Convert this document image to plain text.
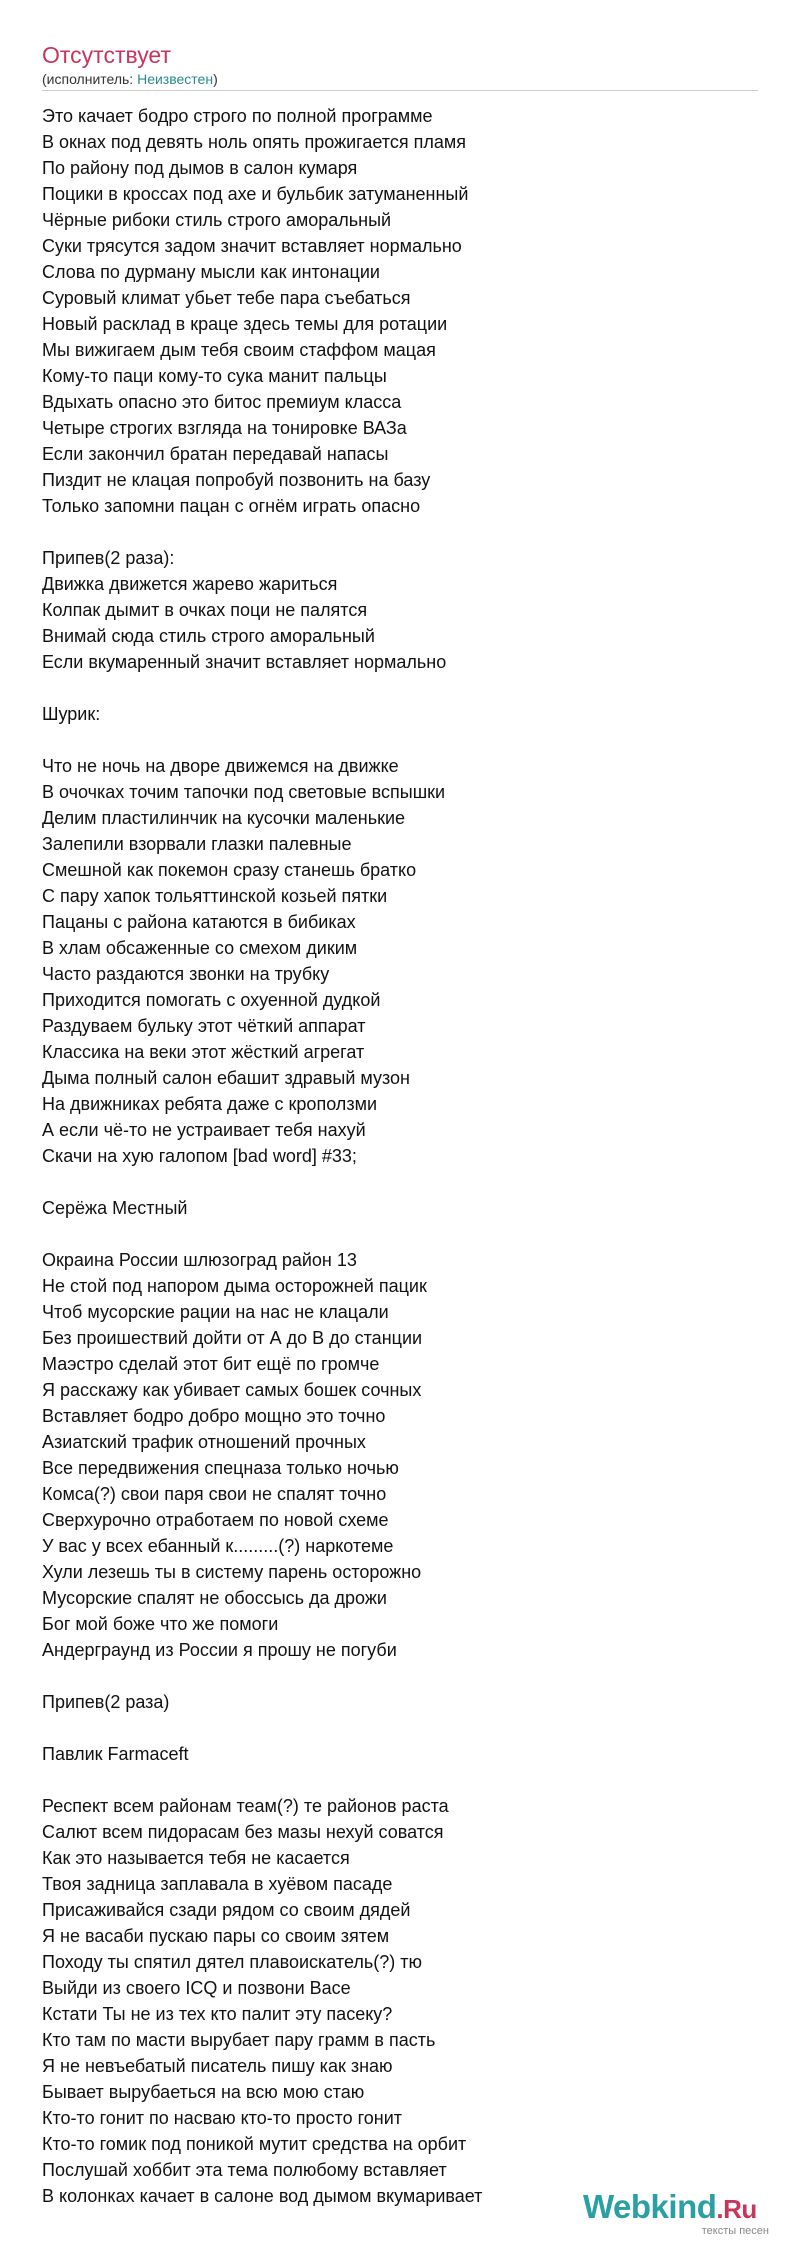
Отсутствует
(исполнитель: Неизвестен)
Это качает бодро строго по полной программе
В окнах под девять ноль опять прожигается пламя
По району под дымов в салон кумаря
Поцики в кроссах под ахе и бульбик затуманенный
Чёрные рибоки стиль строго аморальный
Суки трясутся задом значит вставляет нормально
Слова по дурману мысли как интонации
Суровый климат убьет тебе пара съебаться
Новый расклад в краце здесь темы для ротации
Мы вижигаем дым тебя своим стаффом мацая
Кому-то паци кому-то сука манит пальцы
Вдыхать опасно это битос премиум класса
Четыре строгих взгляда на тонировке ВАЗа
Если закончил братан передавай напасы
Пиздит не клацая попробуй позвонить на базу
Только запомни пацан с огнём играть опасно
Припев(2 раза):
Движка движется жарево жариться
Колпак дымит в очках поци не палятся
Внимай сюда стиль строго аморальный
Если вкумаренный значит вставляет нормально
Шурик:
Что не ночь на дворе движемся на движке
В очочках точим тапочки под световые вспышки
Делим пластилинчик на кусочки маленькие
Залепили взорвали глазки палевные
Смешной как покемон сразу станешь братко
С пару хапок тольяттинской козьей пятки
Пацаны с района катаются в бибиках
В хлам обсаженные со смехом диким
Часто раздаются звонки на трубку
Приходится помогать с охуенной дудкой
Раздуваем бульку этот чёткий аппарат
Классика на веки этот жёсткий агрегат
Дыма полный салон ебашит здравый музон
На движниках ребята даже с кроползми
А если чё-то не устраивает тебя нахуй
Скачи на хую галопом [bad word] #33;
Серёжа Местный
Окраина России шлюзоград район 13
Не стой под напором дыма осторожней пацик
Чтоб мусорские рации на нас не клацали
Без проишествий дойти от А до В до станции
Маэстро сделай этот бит ещё по громче
Я расскажу как убивает самых бошек сочных
Вставляет бодро добро мощно это точно
Азиатский трафик отношений прочных
Все передвижения спецназа только ночью
Комса(?) свои паря свои не спалят точно
Сверхурочно отработаем по новой схеме
У вас у всех ебанный к.........(?) наркотеме
Хули лезешь ты в систему парень осторожно
Мусорские спалят не обоссысь да дрожи
Бог мой боже что же помоги
Андерграунд из России я прошу не погуби
Припев(2 раза)
Павлик Farmaceft
Респект всем районам теам(?) те районов раста
Салют всем пидорасам без мазы нехуй соватся
Как это называется тебя не касается
Твоя задница заплавала в хуёвом пасаде
Присаживайся сзади рядом со своим дядей
Я не васаби пускаю пары со своим зятем
Походу ты спятил дятел плавоискатель(?) тю
Выйди из своего ICQ и позвони Васе
Кстати Ты не из тех кто палит эту пасеку?
Кто там по масти вырубает пару грамм в пасть
Я не невъебатый писатель пишу как знаю
Бывает вырубаеться на всю мою стаю
Кто-то гонит по насваю кто-то просто гонит
Кто-то гомик под поникой мутит средства на орбит
Послушай хоббит эта тема полюбому вставляет
В колонках качает в салоне вод дымом вкумаривает	Webkind.Ru
тексты песен
